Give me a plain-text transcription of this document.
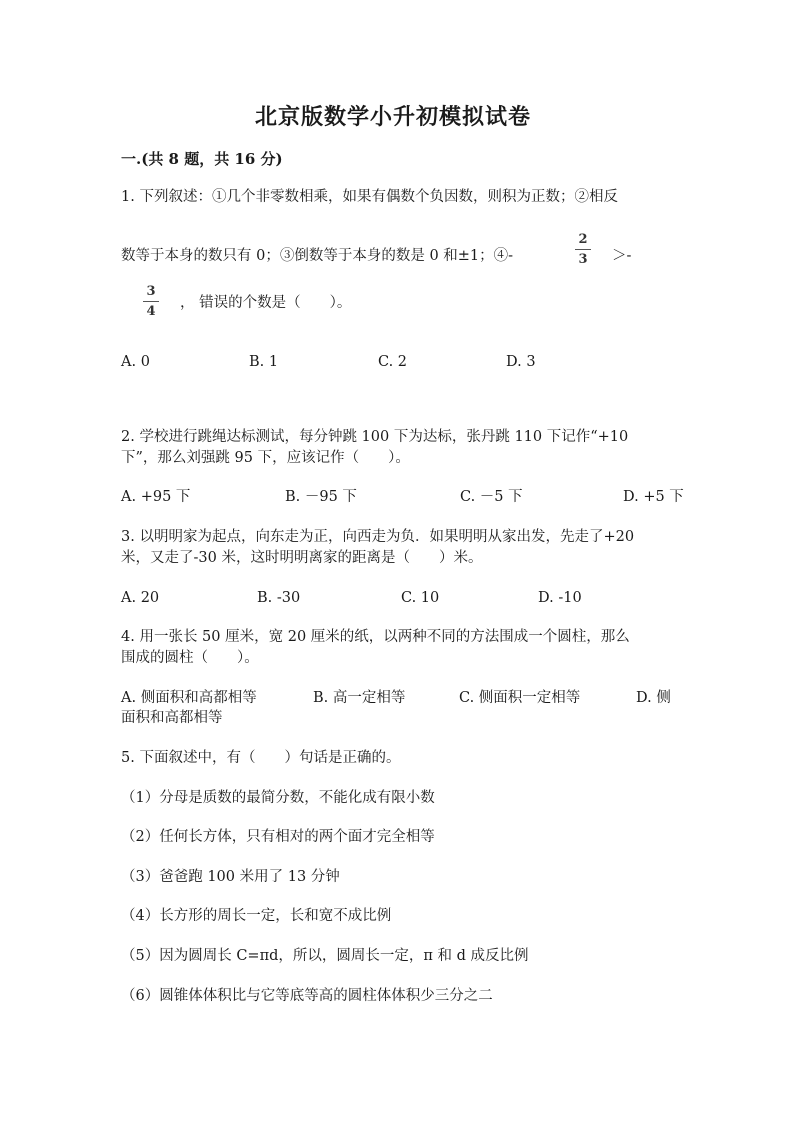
北京版数学小升初模拟试卷
一.(共 8 题，共 16 分)
1. 下列叙述：①几个非零数相乘，如果有偶数个负因数，则积为正数；②相反
数等于本身的数只有 0；③倒数等于本身的数是 0 和±1；④-
2
3 ＞-
3
4
， 错误的个数是（　　）。
A. 0	B. 1	C. 2	D. 3
2. 学校进行跳绳达标测试，每分钟跳 100 下为达标，张丹跳 110 下记作“+10
下”，那么刘强跳 95 下，应该记作（　　）。
A. +95 下	B. －95 下	C. －5 下	D. +5 下
3. 以明明家为起点，向东走为正，向西走为负．如果明明从家出发，先走了+20
米，又走了-30 米，这时明明离家的距离是（　　）米。
A. 20	B. -30	C. 10	D. -10
4. 用一张长 50 厘米，宽 20 厘米的纸，以两种不同的方法围成一个圆柱，那么
围成的圆柱（　　）。
A. 侧面积和高都相等	B. 高一定相等	C. 侧面积一定相等	D. 侧
面积和高都相等
5. 下面叙述中，有（　　）句话是正确的。
（1）分母是质数的最简分数，不能化成有限小数
（2）任何长方体，只有相对的两个面才完全相等
（3）爸爸跑 100 米用了 13 分钟
（4）长方形的周长一定，长和宽不成比例
（5）因为圆周长 C=πd，所以，圆周长一定，π 和 d 成反比例
（6）圆锥体体积比与它等底等高的圆柱体体积少三分之二
